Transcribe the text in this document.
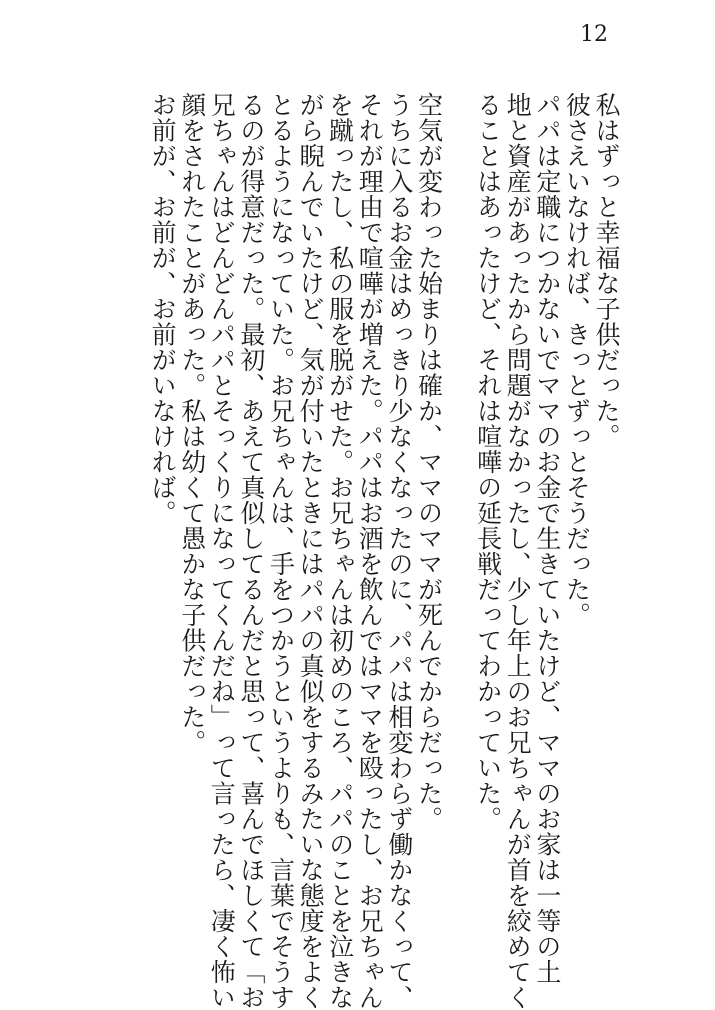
12
私はずっと幸福な子供だった。
彼さえいなければ、きっとずっとそうだった。
パパは定職につかないでママのお金で生きていたけど、ママのお家は一等の土
地と資産があったから問題がなかったし、少し年上のお兄ちゃんが首を絞めてく
ることはあったけど、それは喧嘩の延長戦だってわかっていた。
空気が変わった始まりは確か、ママのママが死んでからだった。
うちに入るお金はめっきり少なくなったのに、パパは相変わらず働かなくって、
それが理由で喧嘩が増えた。パパはお酒を飲んではママを殴ったし、お兄ちゃん
を蹴ったし、私の服を脱がせた。お兄ちゃんは初めのころ、パパのことを泣きな
がら睨んでいたけど、気が付いたときにはパパの真似をするみたいな態度をよく
とるようになっていた。お兄ちゃんは、手をつかうというよりも、言葉でそうす
るのが得意だった。最初、あえて真似してるんだと思って、喜んでほしくて「お
兄ちゃんはどんどんパパとそっくりになってくんだね」って言ったら、凄く怖い
顔をされたことがあった。私は幼くて愚かな子供だった。
お前が、お前が、お前がいなければ。
